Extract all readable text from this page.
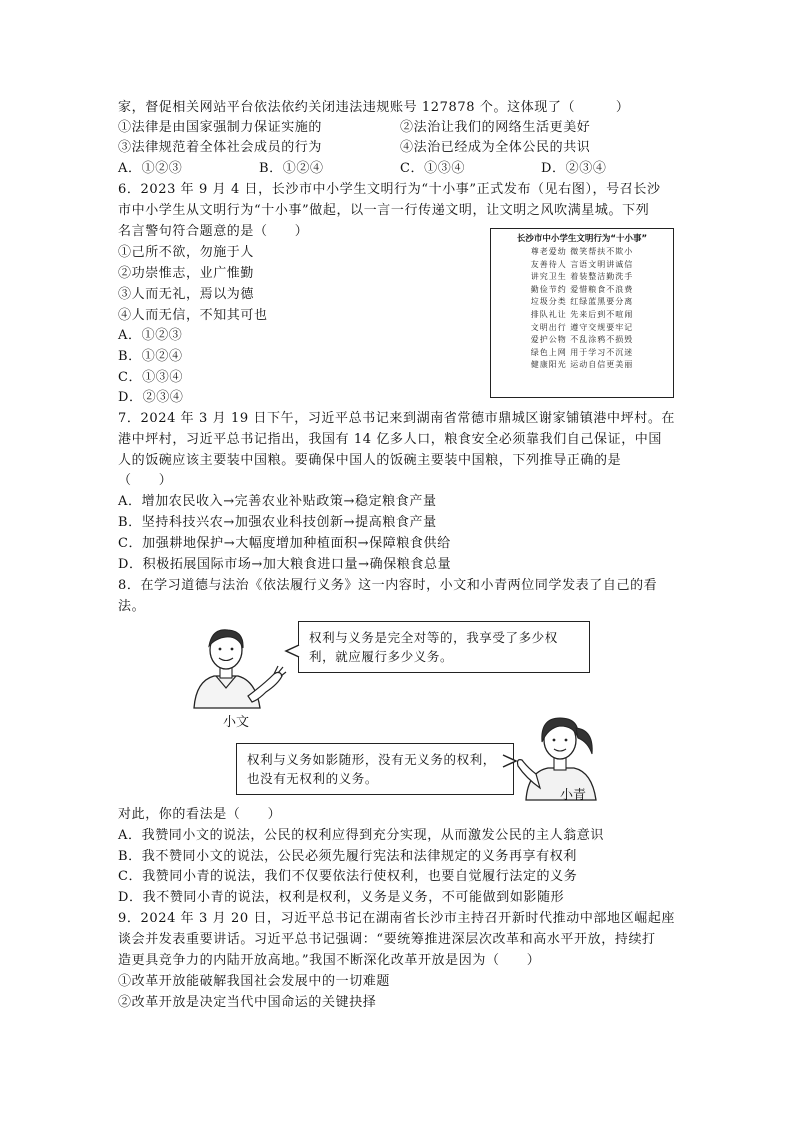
家，督促相关网站平台依法依约关闭违法违规账号 127878 个。这体现了（　　　）
①法律是由国家强制力保证实施的	②法治让我们的网络生活更美好
③法律规范着全体社会成员的行为	④法治已经成为全体公民的共识
A．①②③	B．①②④	C．①③④	D．②③④
6．2023 年 9 月 4 日，长沙市中小学生文明行为“十小事”正式发布（见右图），号召长沙
市中小学生从文明行为“十小事”做起，以一言一行传递文明，让文明之风吹满星城。下列
名言警句符合题意的是（　　）
①己所不欲，勿施于人
②功崇惟志，业广惟勤
③人而无礼，焉以为德
④人而无信，不知其可也
A．①②③
B．①②④
C．①③④
D．②③④
长沙市中小学生文明行为“十小事”
尊老爱幼 微笑帮扶不欺小
友善待人 言语文明讲诚信
讲究卫生 着装整洁勤洗手
勤俭节约 爱惜粮食不浪费
垃圾分类 红绿蓝黑要分离
排队礼让 先来后到不喧闹
文明出行 遵守交规要牢记
爱护公物 不乱涂鸦不损毁
绿色上网 用于学习不沉迷
健康阳光 运动自信更美丽
7．2024 年 3 月 19 日下午，习近平总书记来到湖南省常德市鼎城区谢家铺镇港中坪村。在
港中坪村，习近平总书记指出，我国有 14 亿多人口，粮食安全必须靠我们自己保证，中国
人的饭碗应该主要装中国粮。要确保中国人的饭碗主要装中国粮，下列推导正确的是
（　　）
A．增加农民收入→完善农业补贴政策→稳定粮食产量
B．坚持科技兴农→加强农业科技创新→提高粮食产量
C．加强耕地保护→大幅度增加种植面积→保障粮食供给
D．积极拓展国际市场→加大粮食进口量→确保粮食总量
8．在学习道德与法治《依法履行义务》这一内容时，小文和小青两位同学发表了自己的看
法。
权利与义务是完全对等的，我享受了多少权利，就应履行多少义务。
小文
权利与义务如影随形，没有无义务的权利，也没有无权利的义务。
小青
对此，你的看法是（　　）
A．我赞同小文的说法，公民的权利应得到充分实现，从而激发公民的主人翁意识
B．我不赞同小文的说法，公民必须先履行宪法和法律规定的义务再享有权利
C．我赞同小青的说法，我们不仅要依法行使权利，也要自觉履行法定的义务
D．我不赞同小青的说法，权利是权利，义务是义务，不可能做到如影随形
9．2024 年 3 月 20 日，习近平总书记在湖南省长沙市主持召开新时代推动中部地区崛起座
谈会并发表重要讲话。习近平总书记强调：“要统筹推进深层次改革和高水平开放，持续打
造更具竞争力的内陆开放高地。”我国不断深化改革开放是因为（　　）
①改革开放能破解我国社会发展中的一切难题
②改革开放是决定当代中国命运的关键抉择
